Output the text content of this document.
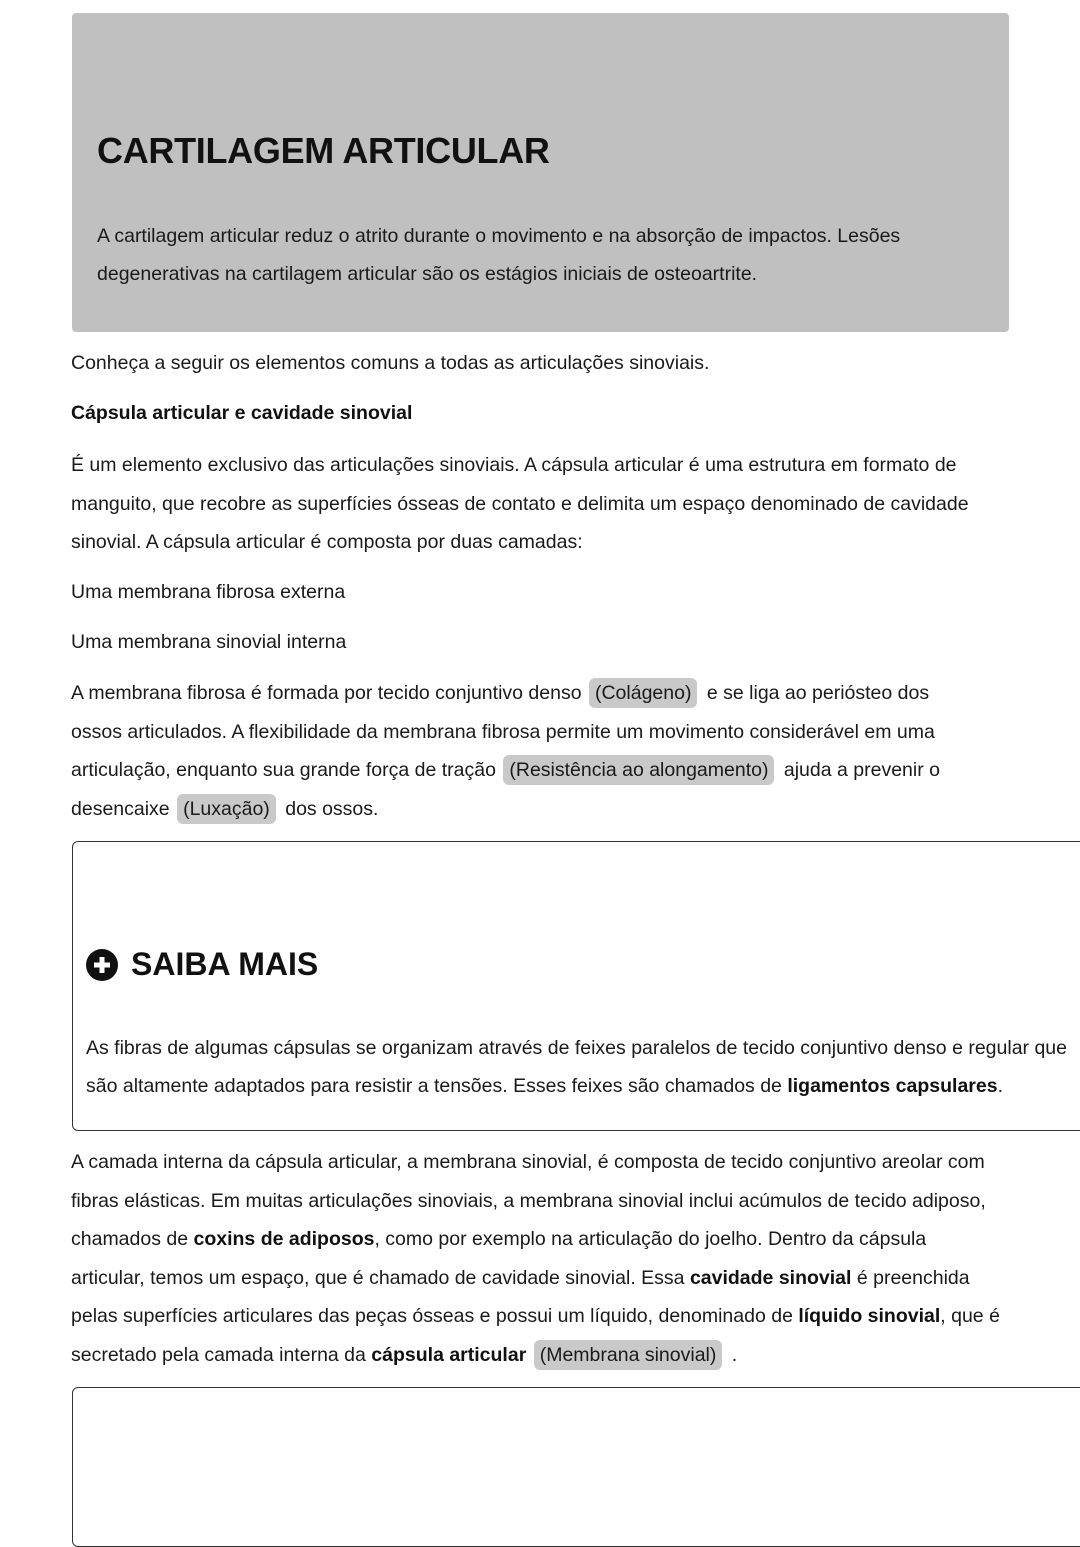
CARTILAGEM ARTICULAR

A cartilagem articular reduz o atrito durante o movimento e na absorção de impactos. Lesões degenerativas na cartilagem articular são os estágios iniciais de osteoartrite.

Conheça a seguir os elementos comuns a todas as articulações sinoviais.

Cápsula articular e cavidade sinovial

É um elemento exclusivo das articulações sinoviais. A cápsula articular é uma estrutura em formato de manguito, que recobre as superfícies ósseas de contato e delimita um espaço denominado de cavidade sinovial. A cápsula articular é composta por duas camadas:

Uma membrana fibrosa externa

Uma membrana sinovial interna

A membrana fibrosa é formada por tecido conjuntivo denso (Colágeno) e se liga ao periósteo dos ossos articulados. A flexibilidade da membrana fibrosa permite um movimento considerável em uma articulação, enquanto sua grande força de tração (Resistência ao alongamento) ajuda a prevenir o desencaixe (Luxação) dos ossos.

SAIBA MAIS

As fibras de algumas cápsulas se organizam através de feixes paralelos de tecido conjuntivo denso e regular que são altamente adaptados para resistir a tensões. Esses feixes são chamados de ligamentos capsulares.

A camada interna da cápsula articular, a membrana sinovial, é composta de tecido conjuntivo areolar com fibras elásticas. Em muitas articulações sinoviais, a membrana sinovial inclui acúmulos de tecido adiposo, chamados de coxins de adiposos, como por exemplo na articulação do joelho. Dentro da cápsula articular, temos um espaço, que é chamado de cavidade sinovial. Essa cavidade sinovial é preenchida pelas superfícies articulares das peças ósseas e possui um líquido, denominado de líquido sinovial, que é secretado pela camada interna da cápsula articular (Membrana sinovial) .
